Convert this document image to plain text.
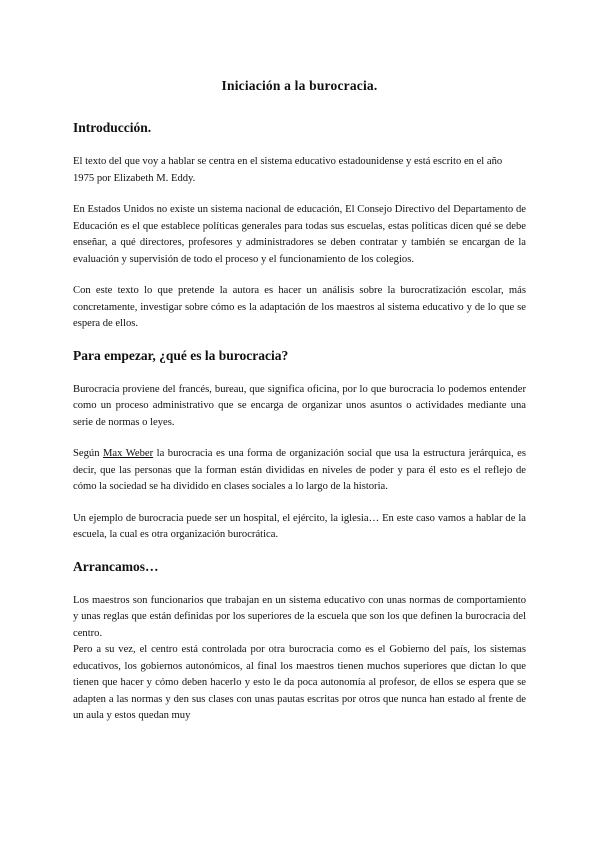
Iniciación a la burocracia.
Introducción.

El texto del que voy a hablar se centra en el sistema educativo estadounidense y está escrito en el año 1975 por Elizabeth M. Eddy.

En Estados Unidos no existe un sistema nacional de educación, El Consejo Directivo del Departamento de Educación es el que establece políticas generales para todas sus escuelas, estas políticas dicen qué se debe enseñar, a qué directores, profesores y administradores se deben contratar y también se encargan de la evaluación y supervisión de todo el proceso y el funcionamiento de los colegios.

Con este texto lo que pretende la autora es hacer un análisis sobre la burocratización escolar, más concretamente, investigar sobre cómo es la adaptación de los maestros al sistema educativo y de lo que se espera de ellos.

Para empezar, ¿qué es la burocracia?

Burocracia proviene del francés, bureau, que significa oficina, por lo que burocracia lo podemos entender como un proceso administrativo que se encarga de organizar unos asuntos o actividades mediante una serie de normas o leyes.

Según Max Weber la burocracia es una forma de organización social que usa la estructura jerárquica, es decir, que las personas que la forman están divididas en niveles de poder y para él esto es el reflejo de cómo la sociedad se ha dividido en clases sociales a lo largo de la historia.

Un ejemplo de burocracia puede ser un hospital, el ejército, la iglesia… En este caso vamos a hablar de la escuela, la cual es otra organización burocrática.

Arrancamos…

Los maestros son funcionarios que trabajan en un sistema educativo con unas normas de comportamiento y unas reglas que están definidas por los superiores de la escuela que son los que definen la burocracia del centro.

Pero a su vez, el centro está controlada por otra burocracia como es el Gobierno del país, los sistemas educativos, los gobiernos autonómicos, al final los maestros tienen muchos superiores que dictan lo que tienen que hacer y cómo deben hacerlo y esto le da poca autonomía al profesor, de ellos se espera que se adapten a las normas y den sus clases con unas pautas escritas por otros que nunca han estado al frente de un aula y estos quedan muy
